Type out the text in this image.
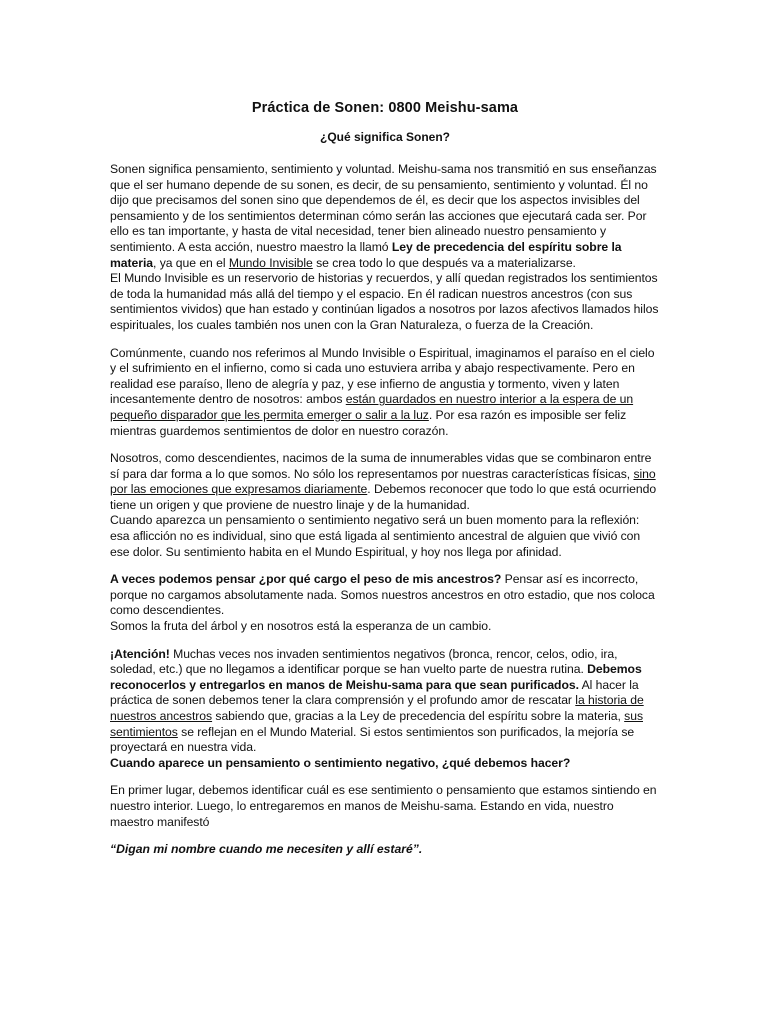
Práctica de Sonen: 0800 Meishu-sama
¿Qué significa Sonen?

Sonen significa pensamiento, sentimiento y voluntad. Meishu-sama nos transmitió en sus enseñanzas que el ser humano depende de su sonen, es decir, de su pensamiento, sentimiento y voluntad. Él no dijo que precisamos del sonen sino que dependemos de él, es decir que los aspectos invisibles del pensamiento y de los sentimientos determinan cómo serán las acciones que ejecutará cada ser. Por ello es tan importante, y hasta de vital necesidad, tener bien alineado nuestro pensamiento y sentimiento. A esta acción, nuestro maestro la llamó Ley de precedencia del espíritu sobre la materia, ya que en el Mundo Invisible se crea todo lo que después va a materializarse.

El Mundo Invisible es un reservorio de historias y recuerdos, y allí quedan registrados los sentimientos de toda la humanidad más allá del tiempo y el espacio. En él radican nuestros ancestros (con sus sentimientos vividos) que han estado y continúan ligados a nosotros por lazos afectivos llamados hilos espirituales, los cuales también nos unen con la Gran Naturaleza, o fuerza de la Creación.

Comúnmente, cuando nos referimos al Mundo Invisible o Espiritual, imaginamos el paraíso en el cielo y el sufrimiento en el infierno, como si cada uno estuviera arriba y abajo respectivamente. Pero en realidad ese paraíso, lleno de alegría y paz, y ese infierno de angustia y tormento, viven y laten incesantemente dentro de nosotros: ambos están guardados en nuestro interior a la espera de un pequeño disparador que les permita emerger o salir a la luz. Por esa razón es imposible ser feliz mientras guardemos sentimientos de dolor en nuestro corazón.

Nosotros, como descendientes, nacimos de la suma de innumerables vidas que se combinaron entre sí para dar forma a lo que somos. No sólo los representamos por nuestras características físicas, sino por las emociones que expresamos diariamente. Debemos reconocer que todo lo que está ocurriendo tiene un origen y que proviene de nuestro linaje y de la humanidad.

Cuando aparezca un pensamiento o sentimiento negativo será un buen momento para la reflexión: esa aflicción no es individual, sino que está ligada al sentimiento ancestral de alguien que vivió con ese dolor. Su sentimiento habita en el Mundo Espiritual, y hoy nos llega por afinidad.

A veces podemos pensar ¿por qué cargo el peso de mis ancestros? Pensar así es incorrecto, porque no cargamos absolutamente nada. Somos nuestros ancestros en otro estadio, que nos coloca como descendientes.

Somos la fruta del árbol y en nosotros está la esperanza de un cambio.

¡Atención! Muchas veces nos invaden sentimientos negativos (bronca, rencor, celos, odio, ira, soledad, etc.) que no llegamos a identificar porque se han vuelto parte de nuestra rutina. Debemos reconocerlos y entregarlos en manos de Meishu-sama para que sean purificados. Al hacer la práctica de sonen debemos tener la clara comprensión y el profundo amor de rescatar la historia de nuestros ancestros sabiendo que, gracias a la Ley de precedencia del espíritu sobre la materia, sus sentimientos se reflejan en el Mundo Material. Si estos sentimientos son purificados, la mejoría se proyectará en nuestra vida.

Cuando aparece un pensamiento o sentimiento negativo, ¿qué debemos hacer?

En primer lugar, debemos identificar cuál es ese sentimiento o pensamiento que estamos sintiendo en nuestro interior. Luego, lo entregaremos en manos de Meishu-sama. Estando en vida, nuestro maestro manifestó

“Digan mi nombre cuando me necesiten y allí estaré”.
